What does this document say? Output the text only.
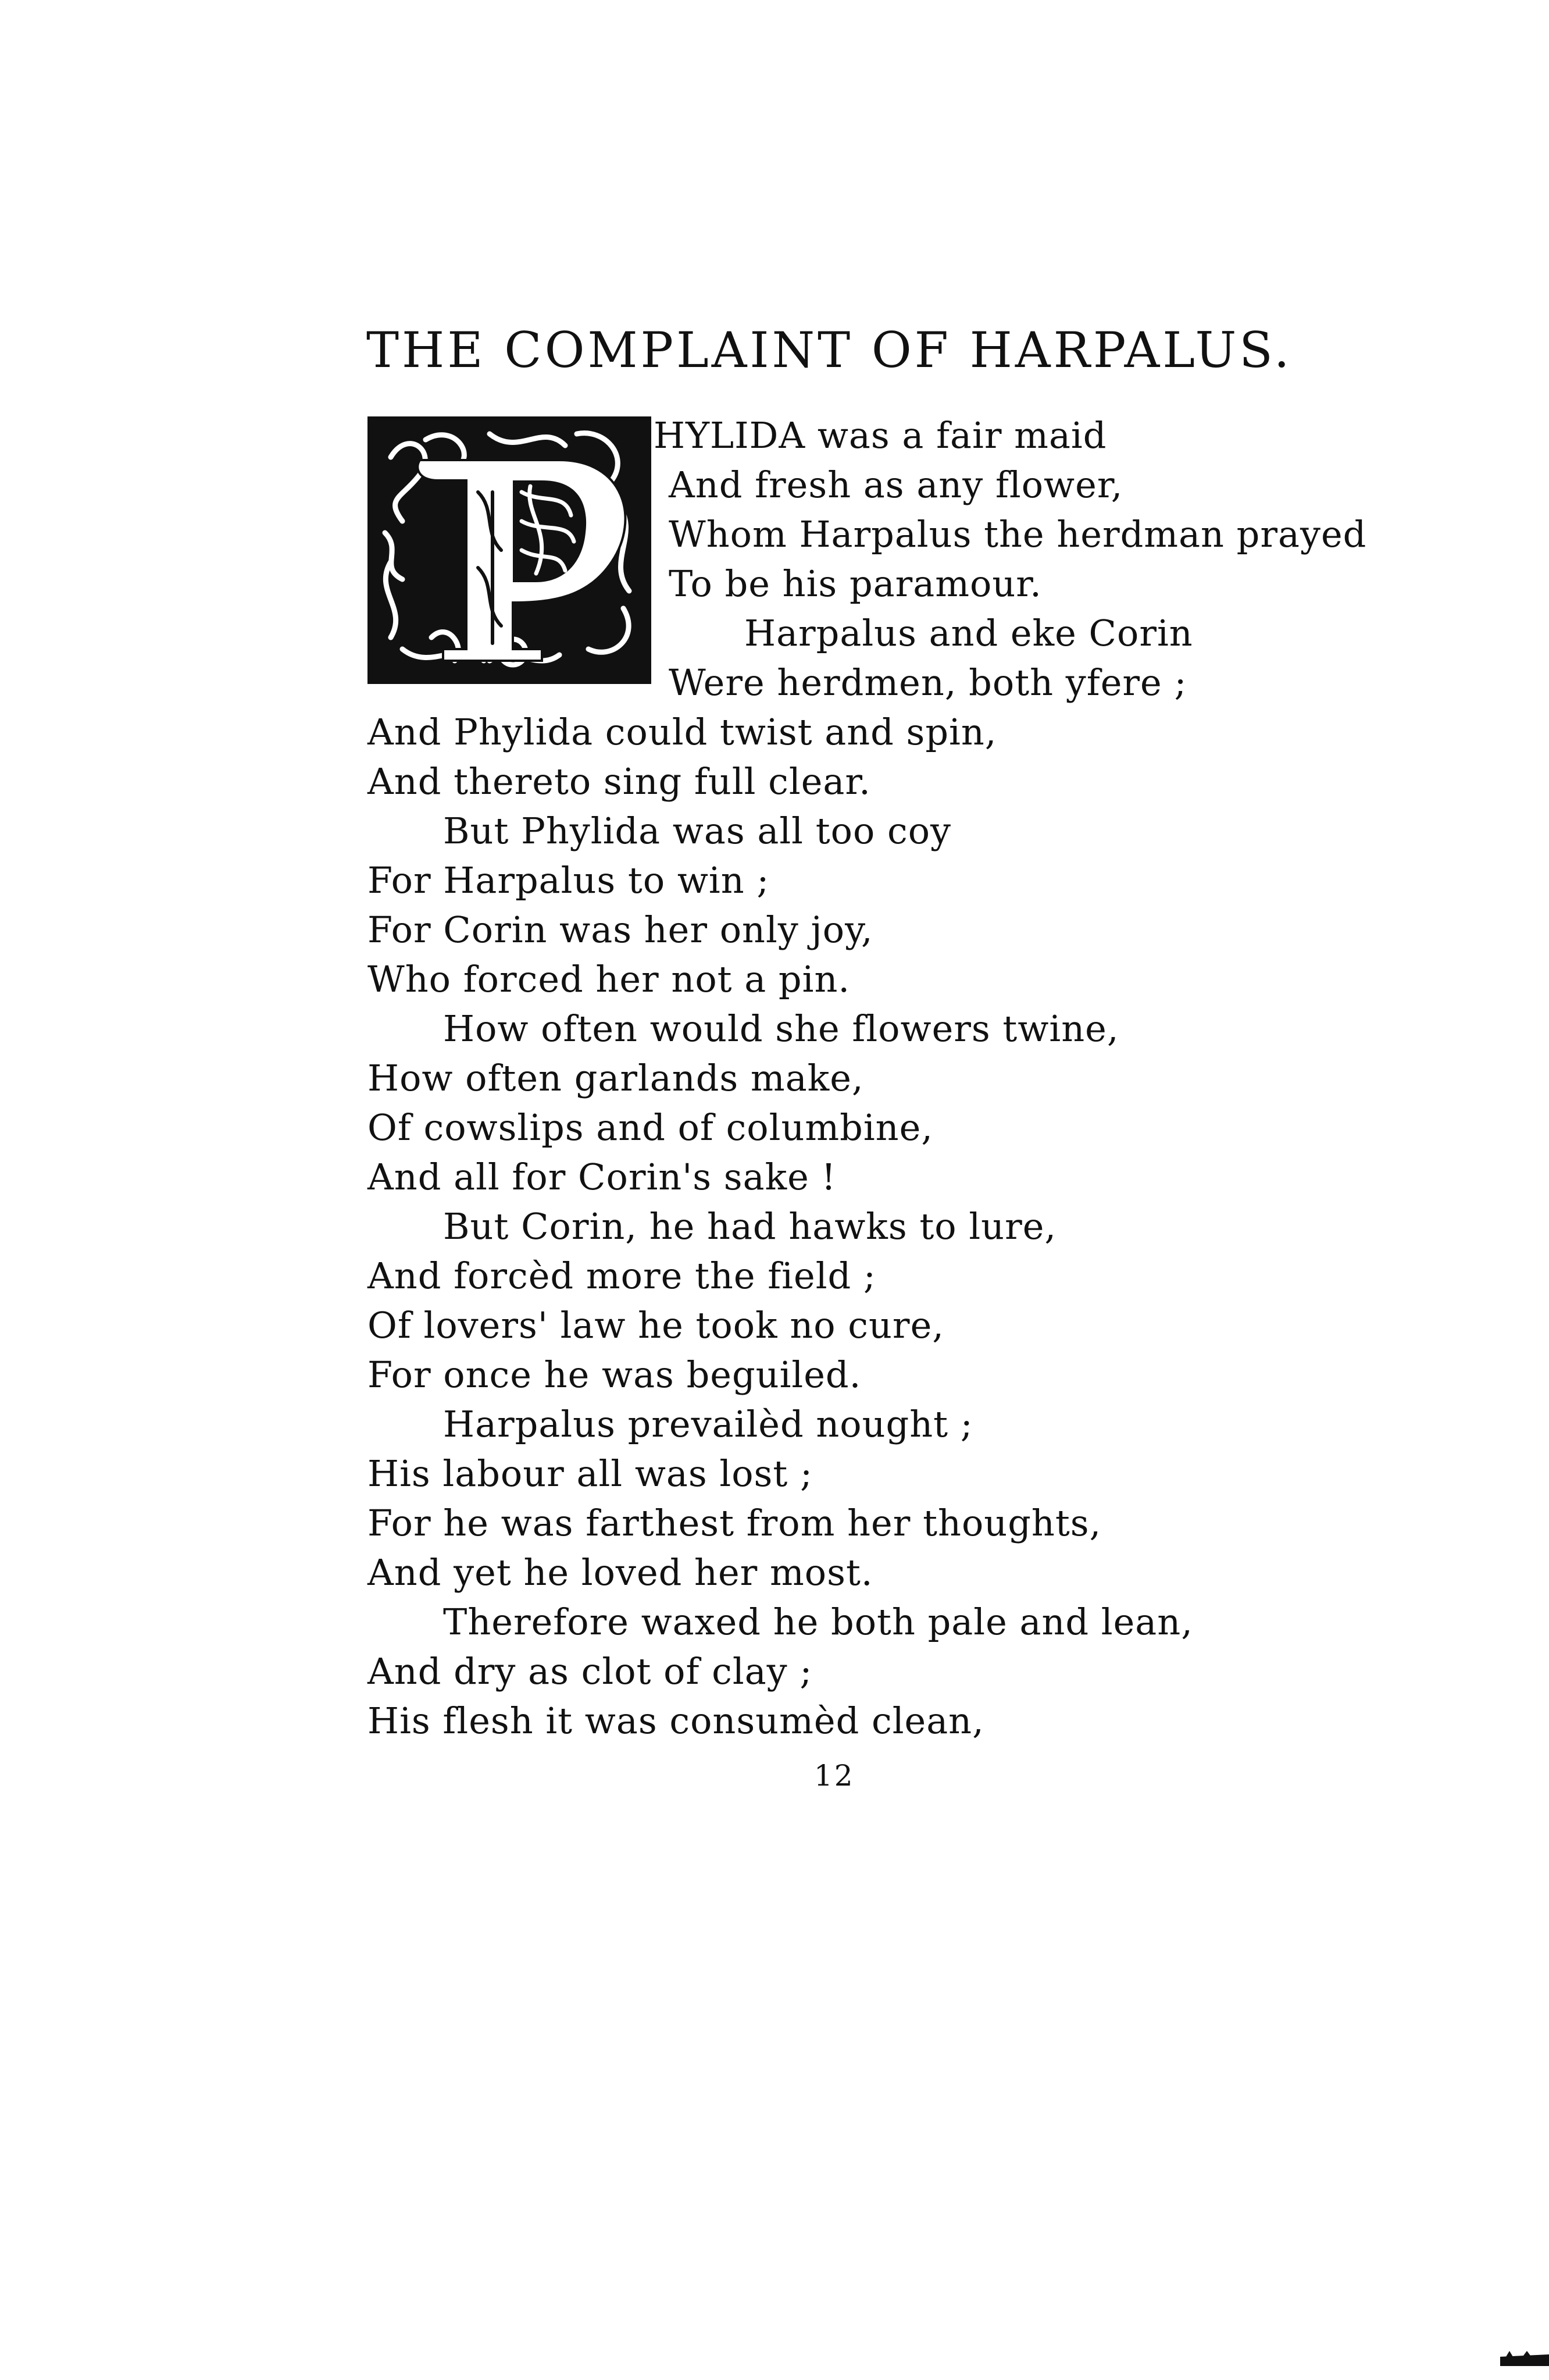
THE COMPLAINT OF HARPALUS.
HYLIDA was a fair maid
And fresh as any flower,
Whom Harpalus the herdman prayed
To be his paramour.
Harpalus and eke Corin
Were herdmen, both yfere ;
And Phylida could twist and spin,
And thereto sing full clear.
But Phylida was all too coy
For Harpalus to win ;
For Corin was her only joy,
Who forced her not a pin.
How often would she flowers twine,
How often garlands make,
Of cowslips and of columbine,
And all for Corin's sake !
But Corin, he had hawks to lure,
And forcèd more the field ;
Of lovers' law he took no cure,
For once he was beguiled.
Harpalus prevailèd nought ;
His labour all was lost ;
For he was farthest from her thoughts,
And yet he loved her most.
Therefore waxed he both pale and lean,
And dry as clot of clay ;
His flesh it was consumèd clean,
12
